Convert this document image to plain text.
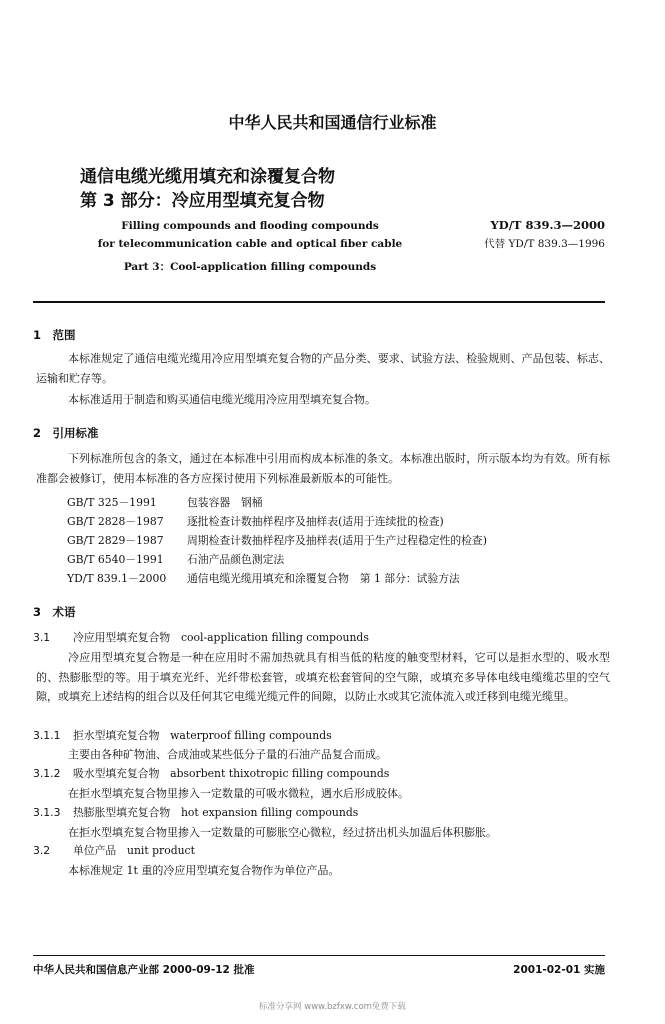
中华人民共和国通信行业标准
通信电缆光缆用填充和涂覆复合物
第 3 部分：冷应用型填充复合物
Filling compounds and flooding compounds
for telecommunication cable and optical fiber cable
Part 3：Cool-application filling compounds
YD/T 839.3—2000
代替 YD/T 839.3—1996
1　范围
本标准规定了通信电缆光缆用冷应用型填充复合物的产品分类、要求、试验方法、检验规则、产品包装、标志、运输和贮存等。
本标准适用于制造和购买通信电缆光缆用冷应用型填充复合物。
2　引用标准
下列标准所包含的条文，通过在本标准中引用而构成本标准的条文。本标准出版时，所示版本均为有效。所有标准都会被修订，使用本标准的各方应探讨使用下列标准最新版本的可能性。
GB/T 325－1991	包装容器　钢桶
GB/T 2828－1987 逐批检查计数抽样程序及抽样表(适用于连续批的检查)
GB/T 2829－1987 周期检查计数抽样程序及抽样表(适用于生产过程稳定性的检查)
GB/T 6540－1991 石油产品颜色测定法
YD/T 839.1－2000 通信电缆光缆用填充和涂覆复合物　第 1 部分：试验方法
3　术语
3.1 冷应用型填充复合物　cool-application filling compounds
冷应用型填充复合物是一种在应用时不需加热就具有相当低的粘度的触变型材料，它可以是拒水型的、吸水型的、热膨胀型的等。用于填充光纤、光纤带松套管，或填充松套管间的空气隙，或填充多导体电线电缆缆芯里的空气隙，或填充上述结构的组合以及任何其它电缆光缆元件的间隙，以防止水或其它流体流入或迁移到电缆光缆里。
3.1.1 拒水型填充复合物　waterproof filling compounds
主要由各种矿物油、合成油或某些低分子量的石油产品复合而成。
3.1.2 吸水型填充复合物　absorbent thixotropic filling compounds
在拒水型填充复合物里掺入一定数量的可吸水微粒，遇水后形成胶体。
3.1.3 热膨胀型填充复合物　hot expansion filling compounds
在拒水型填充复合物里掺入一定数量的可膨胀空心微粒，经过挤出机头加温后体积膨胀。
3.2 单位产品　unit product
本标准规定 1t 重的冷应用型填充复合物作为单位产品。
中华人民共和国信息产业部 2000-09-12 批准	2001-02-01 实施
标准分享网 www.bzfxw.com免费下载
